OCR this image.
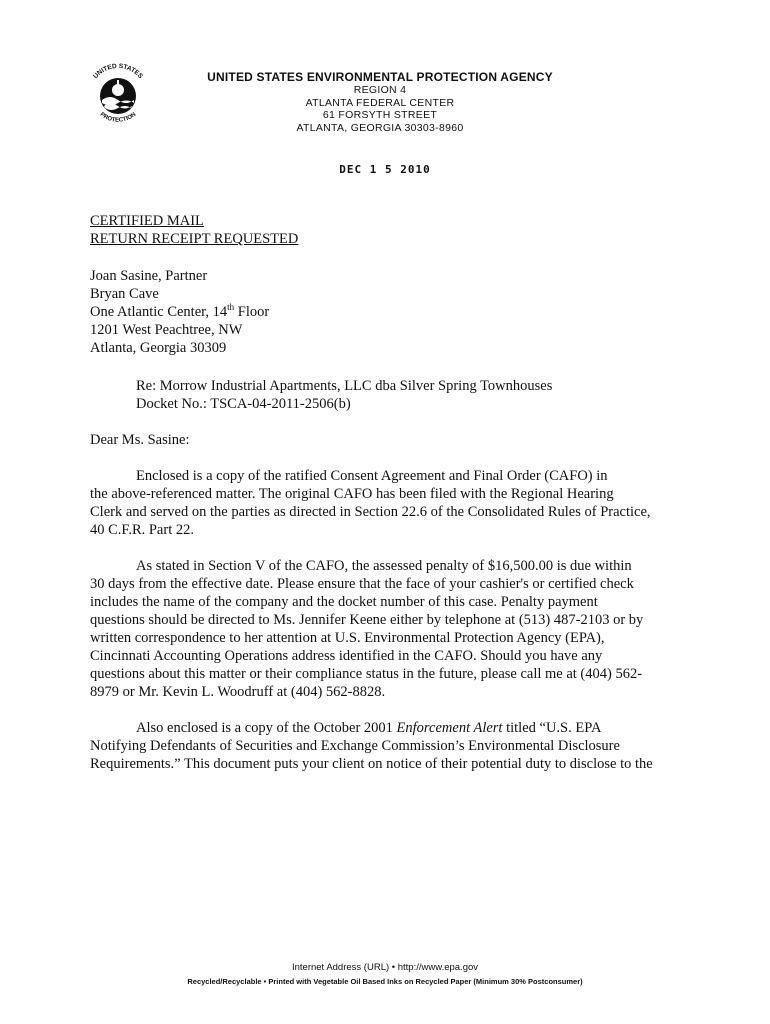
UNITED STATES
PROTECTION
UNITED STATES ENVIRONMENTAL PROTECTION AGENCY
REGION 4
ATLANTA FEDERAL CENTER
61 FORSYTH STREET
ATLANTA, GEORGIA 30303-8960
DEC 1 5 2010
CERTIFIED MAIL
RETURN RECEIPT REQUESTED
Joan Sasine, Partner
Bryan Cave
One Atlantic Center, 14th Floor
1201 West Peachtree, NW
Atlanta, Georgia 30309
Re: Morrow Industrial Apartments, LLC dba Silver Spring Townhouses
Docket No.: TSCA-04-2011-2506(b)
Dear Ms. Sasine:
Enclosed is a copy of the ratified Consent Agreement and Final Order (CAFO) in
the above-referenced matter. The original CAFO has been filed with the Regional Hearing
Clerk and served on the parties as directed in Section 22.6 of the Consolidated Rules of Practice,
40 C.F.R. Part 22.
As stated in Section V of the CAFO, the assessed penalty of $16,500.00 is due within
30 days from the effective date. Please ensure that the face of your cashier's or certified check
includes the name of the company and the docket number of this case. Penalty payment
questions should be directed to Ms. Jennifer Keene either by telephone at (513) 487-2103 or by
written correspondence to her attention at U.S. Environmental Protection Agency (EPA),
Cincinnati Accounting Operations address identified in the CAFO. Should you have any
questions about this matter or their compliance status in the future, please call me at (404) 562-
8979 or Mr. Kevin L. Woodruff at (404) 562-8828.
Also enclosed is a copy of the October 2001 Enforcement Alert titled “U.S. EPA
Notifying Defendants of Securities and Exchange Commission’s Environmental Disclosure
Requirements.” This document puts your client on notice of their potential duty to disclose to the
Internet Address (URL) • http://www.epa.gov
Recycled/Recyclable • Printed with Vegetable Oil Based Inks on Recycled Paper (Minimum 30% Postconsumer)
